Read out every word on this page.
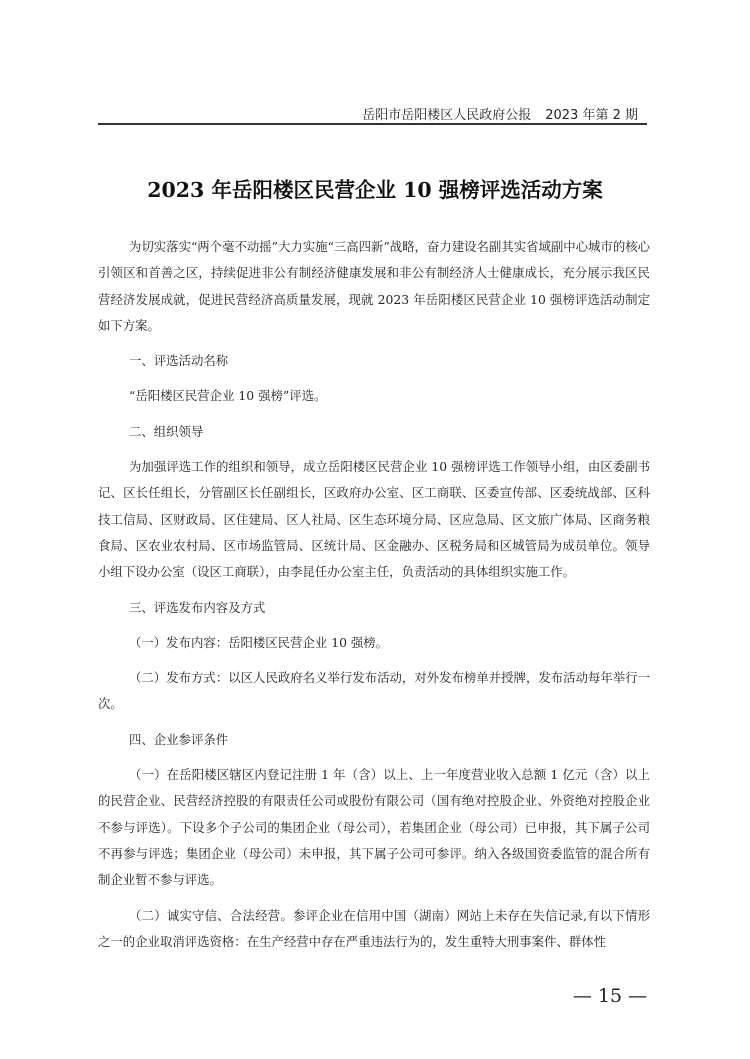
岳阳市岳阳楼区人民政府公报 2023 年第 2 期
2023 年岳阳楼区民营企业 10 强榜评选活动方案

为切实落实“两个毫不动摇”大力实施“三高四新”战略，奋力建设名副其实省域副中心城市的核心引领区和首善之区，持续促进非公有制经济健康发展和非公有制经济人士健康成长，充分展示我区民营经济发展成就，促进民营经济高质量发展，现就 2023 年岳阳楼区民营企业 10 强榜评选活动制定如下方案。

一、评选活动名称

“岳阳楼区民营企业 10 强榜”评选。

二、组织领导

为加强评选工作的组织和领导，成立岳阳楼区民营企业 10 强榜评选工作领导小组，由区委副书记、区长任组长，分管副区长任副组长，区政府办公室、区工商联、区委宣传部、区委统战部、区科技工信局、区财政局、区住建局、区人社局、区生态环境分局、区应急局、区文旅广体局、区商务粮食局、区农业农村局、区市场监管局、区统计局、区金融办、区税务局和区城管局为成员单位。领导小组下设办公室（设区工商联），由李昆任办公室主任，负责活动的具体组织实施工作。

三、评选发布内容及方式

（一）发布内容：岳阳楼区民营企业 10 强榜。

（二）发布方式：以区人民政府名义举行发布活动，对外发布榜单并授牌，发布活动每年举行一次。

四、企业参评条件

（一）在岳阳楼区辖区内登记注册 1 年（含）以上、上一年度营业收入总额 1 亿元（含）以上的民营企业、民营经济控股的有限责任公司或股份有限公司（国有绝对控股企业、外资绝对控股企业不参与评选）。下设多个子公司的集团企业（母公司），若集团企业（母公司）已申报，其下属子公司不再参与评选；集团企业（母公司）未申报，其下属子公司可参评。纳入各级国资委监管的混合所有制企业暂不参与评选。

（二）诚实守信、合法经营。参评企业在信用中国（湖南）网站上未存在失信记录,有以下情形之一的企业取消评选资格：在生产经营中存在严重违法行为的，发生重特大刑事案件、群体性

— 15 —
